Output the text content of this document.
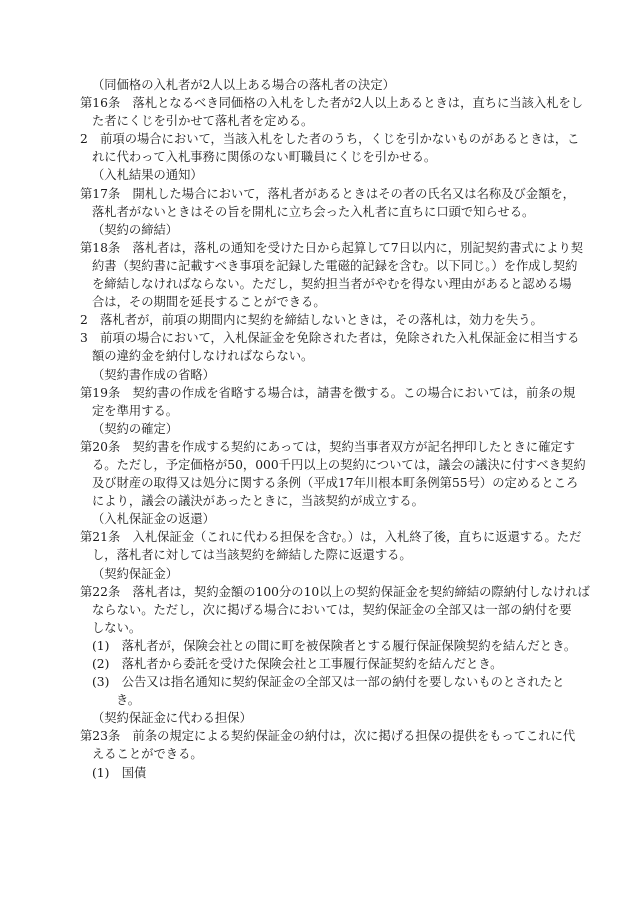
（同価格の入札者が2人以上ある場合の落札者の決定）
第16条　落札となるべき同価格の入札をした者が2人以上あるときは，直ちに当該入札をし
た者にくじを引かせて落札者を定める。
2　前項の場合において，当該入札をした者のうち，くじを引かないものがあるときは，こ
れに代わって入札事務に関係のない町職員にくじを引かせる。
（入札結果の通知）
第17条　開札した場合において，落札者があるときはその者の氏名又は名称及び金額を，
落札者がないときはその旨を開札に立ち会った入札者に直ちに口頭で知らせる。
（契約の締結）
第18条　落札者は，落札の通知を受けた日から起算して7日以内に，別記契約書式により契
約書（契約書に記載すべき事項を記録した電磁的記録を含む。以下同じ。）を作成し契約
を締結しなければならない。ただし，契約担当者がやむを得ない理由があると認める場
合は，その期間を延長することができる。
2　落札者が，前項の期間内に契約を締結しないときは，その落札は，効力を失う。
3　前項の場合において，入札保証金を免除された者は，免除された入札保証金に相当する
額の違約金を納付しなければならない。
（契約書作成の省略）
第19条　契約書の作成を省略する場合は，請書を徴する。この場合においては，前条の規
定を準用する。
（契約の確定）
第20条　契約書を作成する契約にあっては，契約当事者双方が記名押印したときに確定す
る。ただし，予定価格が50，000千円以上の契約については，議会の議決に付すべき契約
及び財産の取得又は処分に関する条例（平成17年川根本町条例第55号）の定めるところ
により，議会の議決があったときに，当該契約が成立する。
（入札保証金の返還）
第21条　入札保証金（これに代わる担保を含む。）は，入札終了後，直ちに返還する。ただ
し，落札者に対しては当該契約を締結した際に返還する。
（契約保証金）
第22条　落札者は，契約金額の100分の10以上の契約保証金を契約締結の際納付しなければ
ならない。ただし，次に掲げる場合においては，契約保証金の全部又は一部の納付を要
しない。
(1)　落札者が，保険会社との間に町を被保険者とする履行保証保険契約を結んだとき。
(2)　落札者から委託を受けた保険会社と工事履行保証契約を結んだとき。
(3)　公告又は指名通知に契約保証金の全部又は一部の納付を要しないものとされたと
き。
（契約保証金に代わる担保）
第23条　前条の規定による契約保証金の納付は，次に掲げる担保の提供をもってこれに代
えることができる。
(1)　国債
